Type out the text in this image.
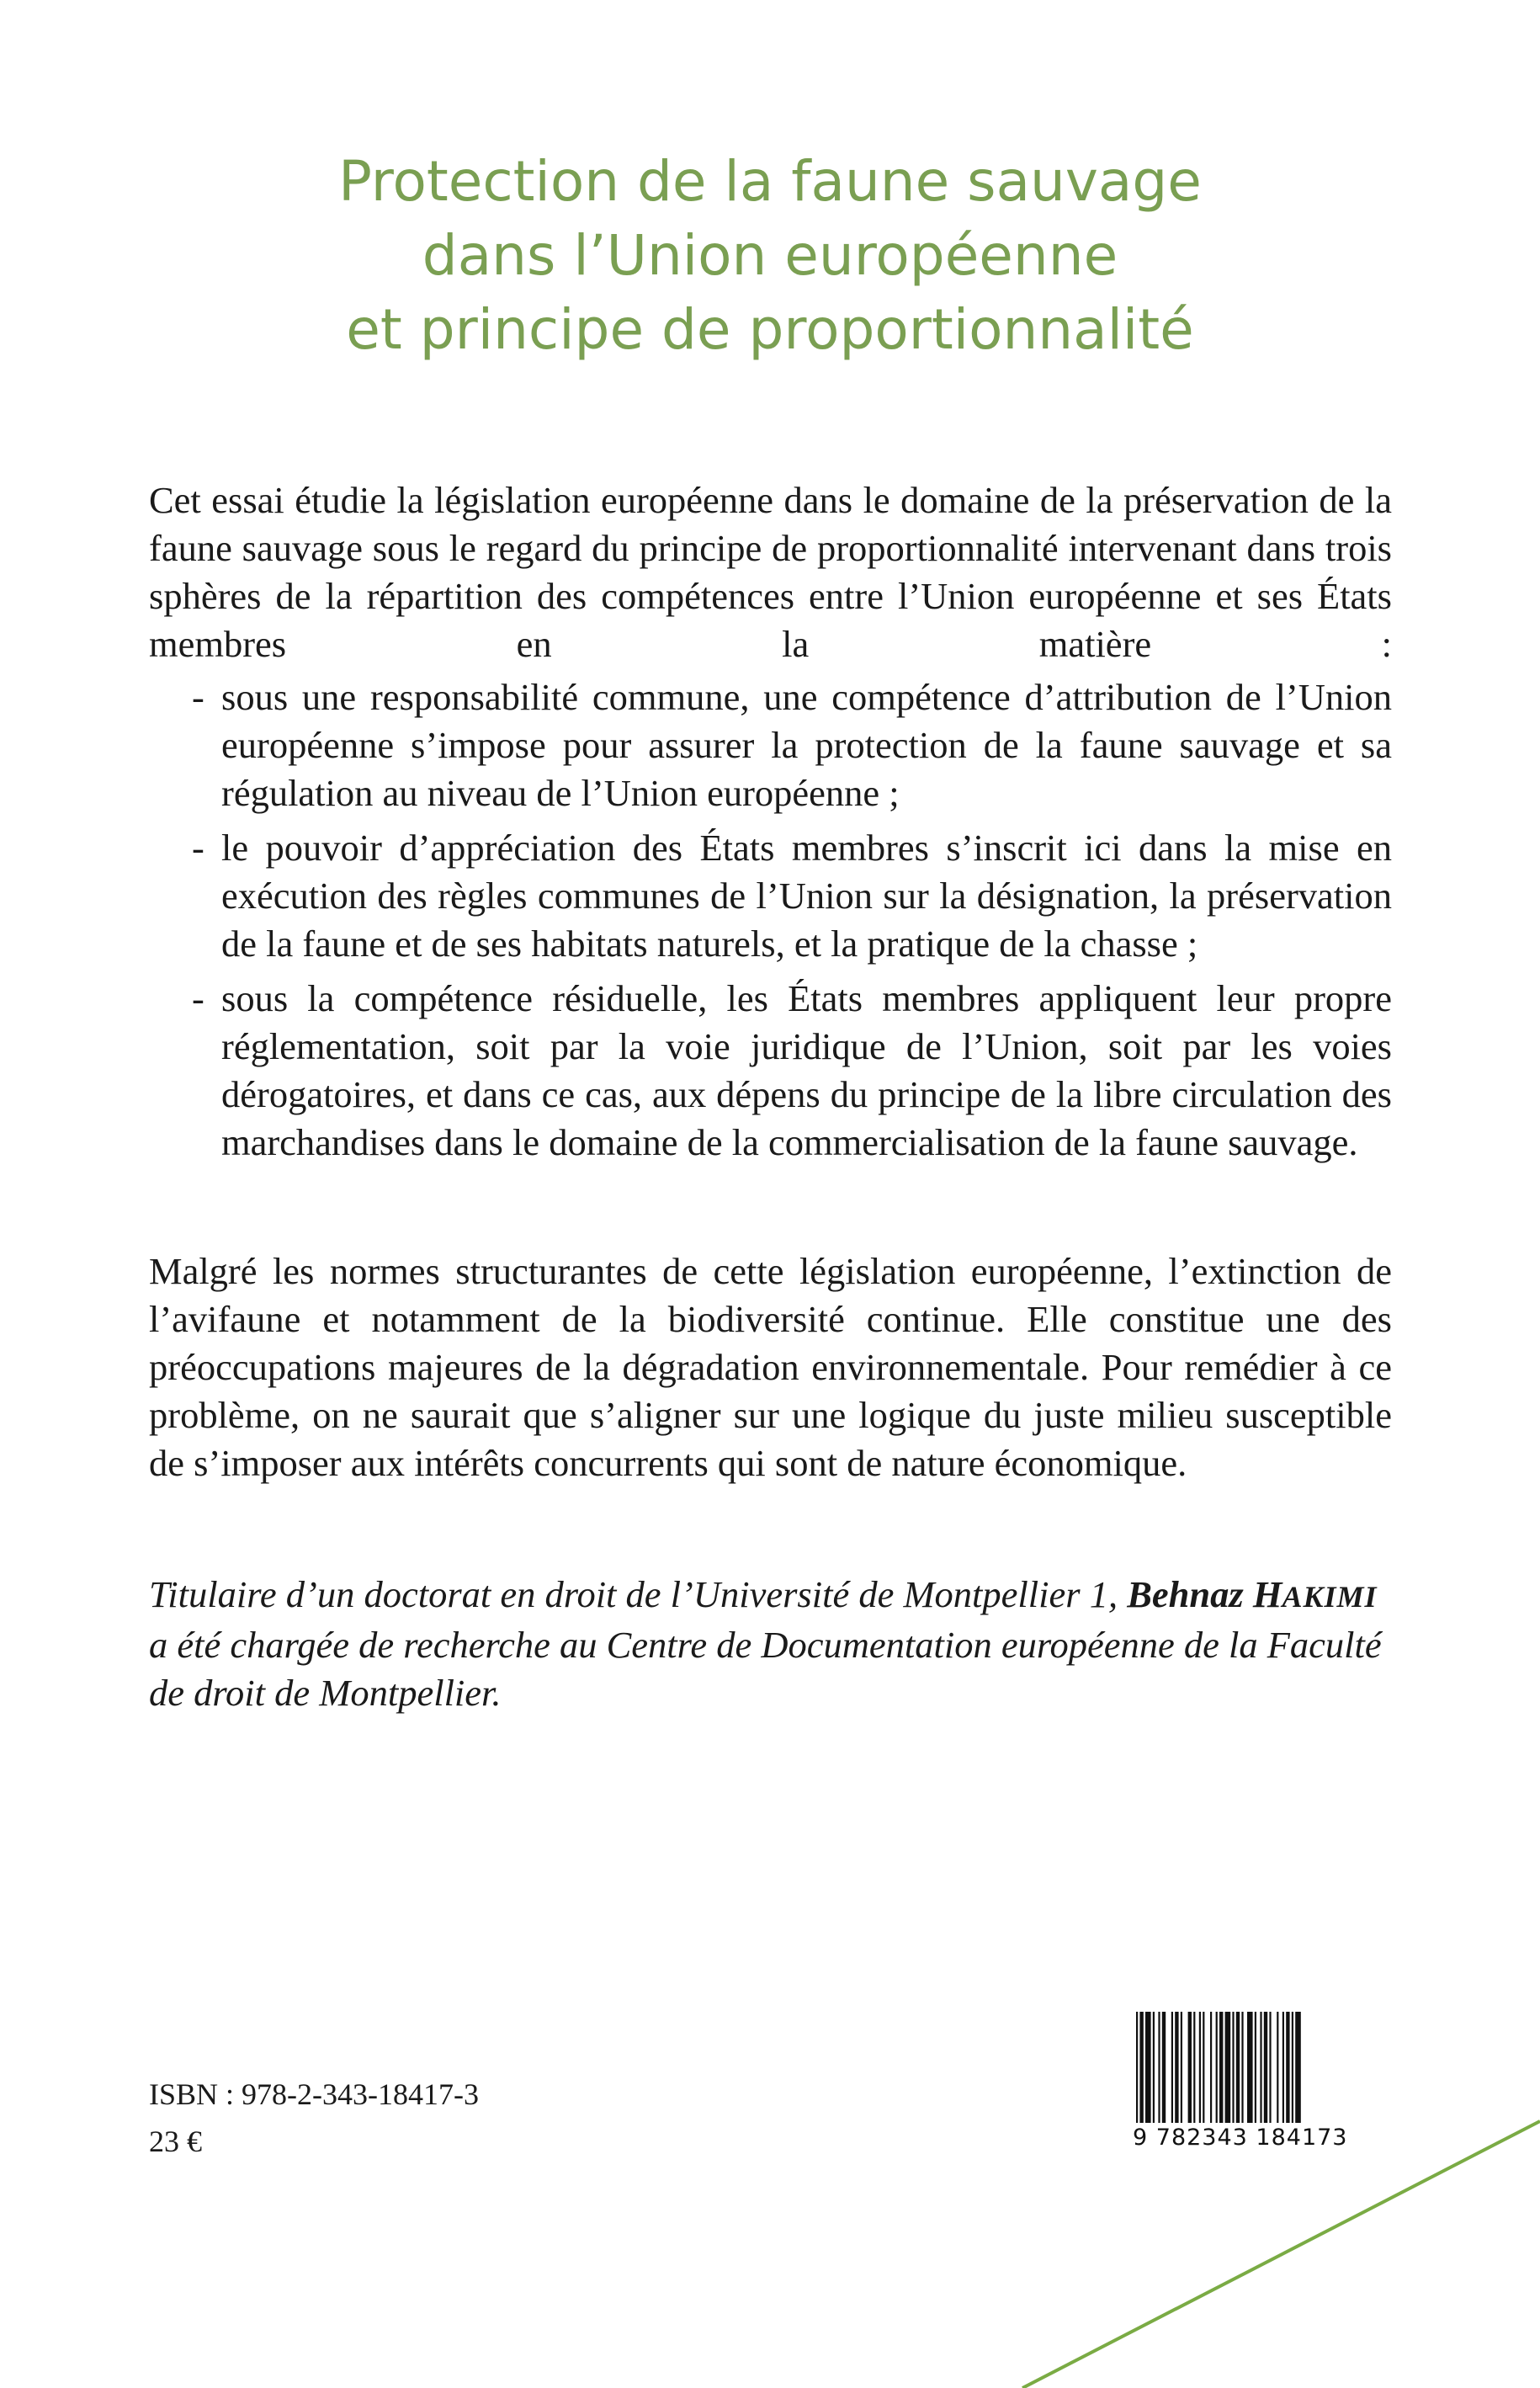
Protection de la faune sauvage
dans l’Union européenne
et principe de proportionnalité
Cet essai étudie la législation européenne dans le domaine de la préservation de la faune sauvage sous le regard du principe de proportionnalité intervenant dans trois sphères de la répartition des compétences entre l’Union européenne et ses États membres en la matière :
- sous une responsabilité commune, une compétence d’attribution de l’Union européenne s’impose pour assurer la protection de la faune sauvage et sa régulation au niveau de l’Union européenne ;
- le pouvoir d’appréciation des États membres s’inscrit ici dans la mise en exécution des règles communes de l’Union sur la désignation, la préservation de la faune et de ses habitats naturels, et la pratique de la chasse ;
- sous la compétence résiduelle, les États membres appliquent leur propre réglementation, soit par la voie juridique de l’Union, soit par les voies dérogatoires, et dans ce cas, aux dépens du principe de la libre circulation des marchandises dans le domaine de la commercialisation de la faune sauvage.
Malgré les normes structurantes de cette législation européenne, l’extinction de l’avifaune et notamment de la biodiversité continue. Elle constitue une des préoccupations majeures de la dégradation environnementale. Pour remédier à ce problème, on ne saurait que s’aligner sur une logique du juste milieu susceptible de s’imposer aux intérêts concurrents qui sont de nature économique.
Titulaire d’un doctorat en droit de l’Université de Montpellier 1, Behnaz HAKIMI a été chargée de recherche au Centre de Documentation européenne de la Faculté de droit de Montpellier.
ISBN : 978-2-343-18417-3
23 €	9 782343 184173
